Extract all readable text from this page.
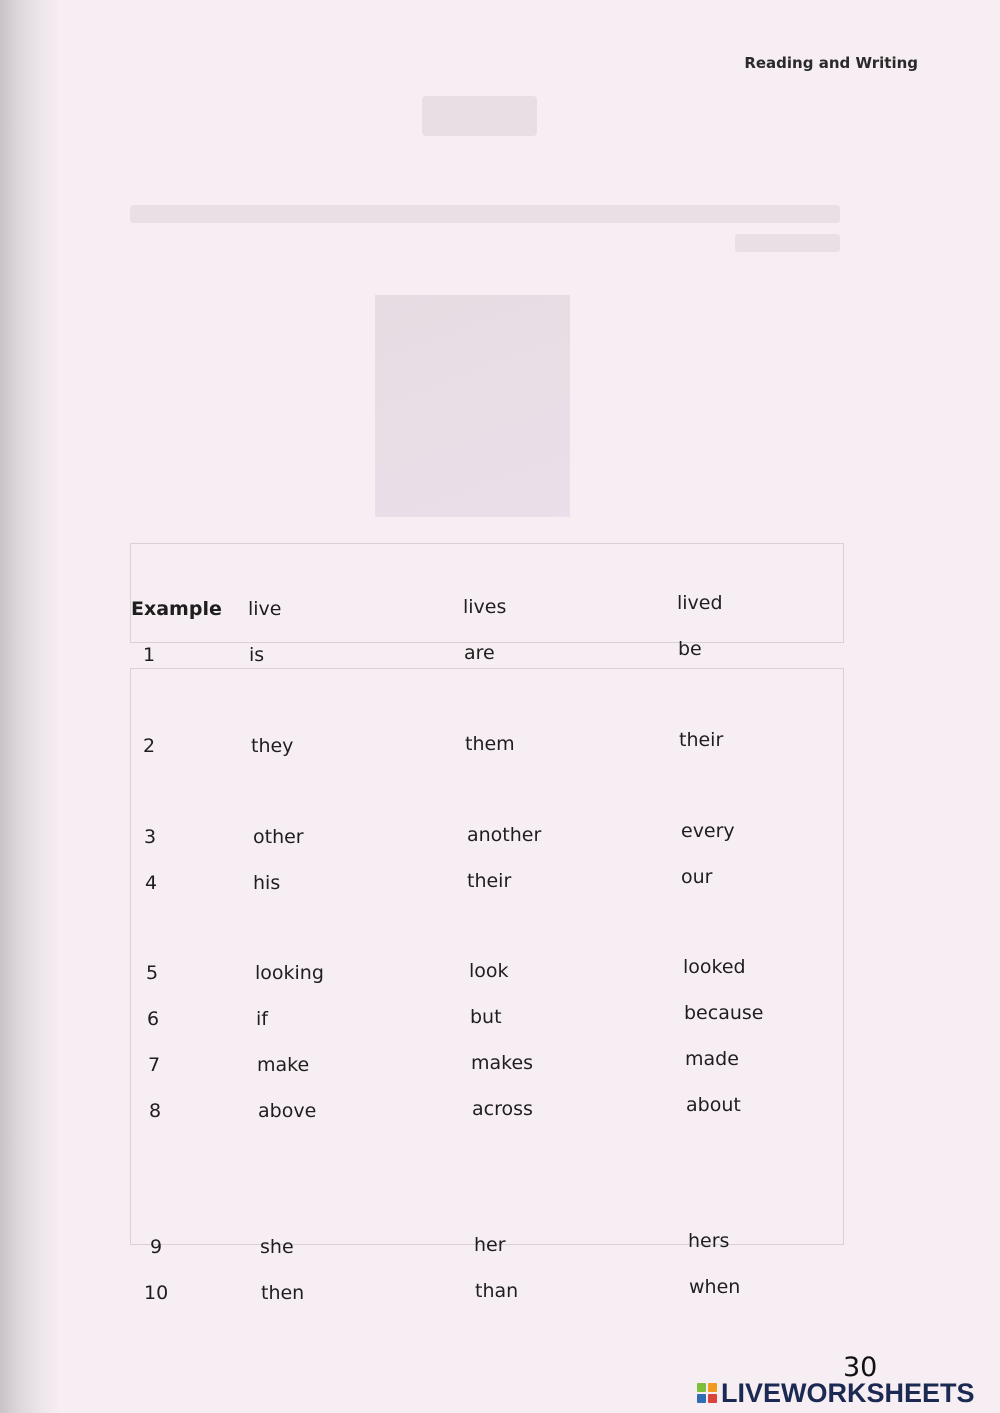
Reading and Writing
Example live	lives	lived
1	is	are	be
2	they	them	their
3	other	another	every
4	his	their	our
5	looking	look	looked
6	if	but	because
7	make	makes	made
8	above	across	about
9	she	her	hers
10	then	than	when
30
LIVEWORKSHEETS
